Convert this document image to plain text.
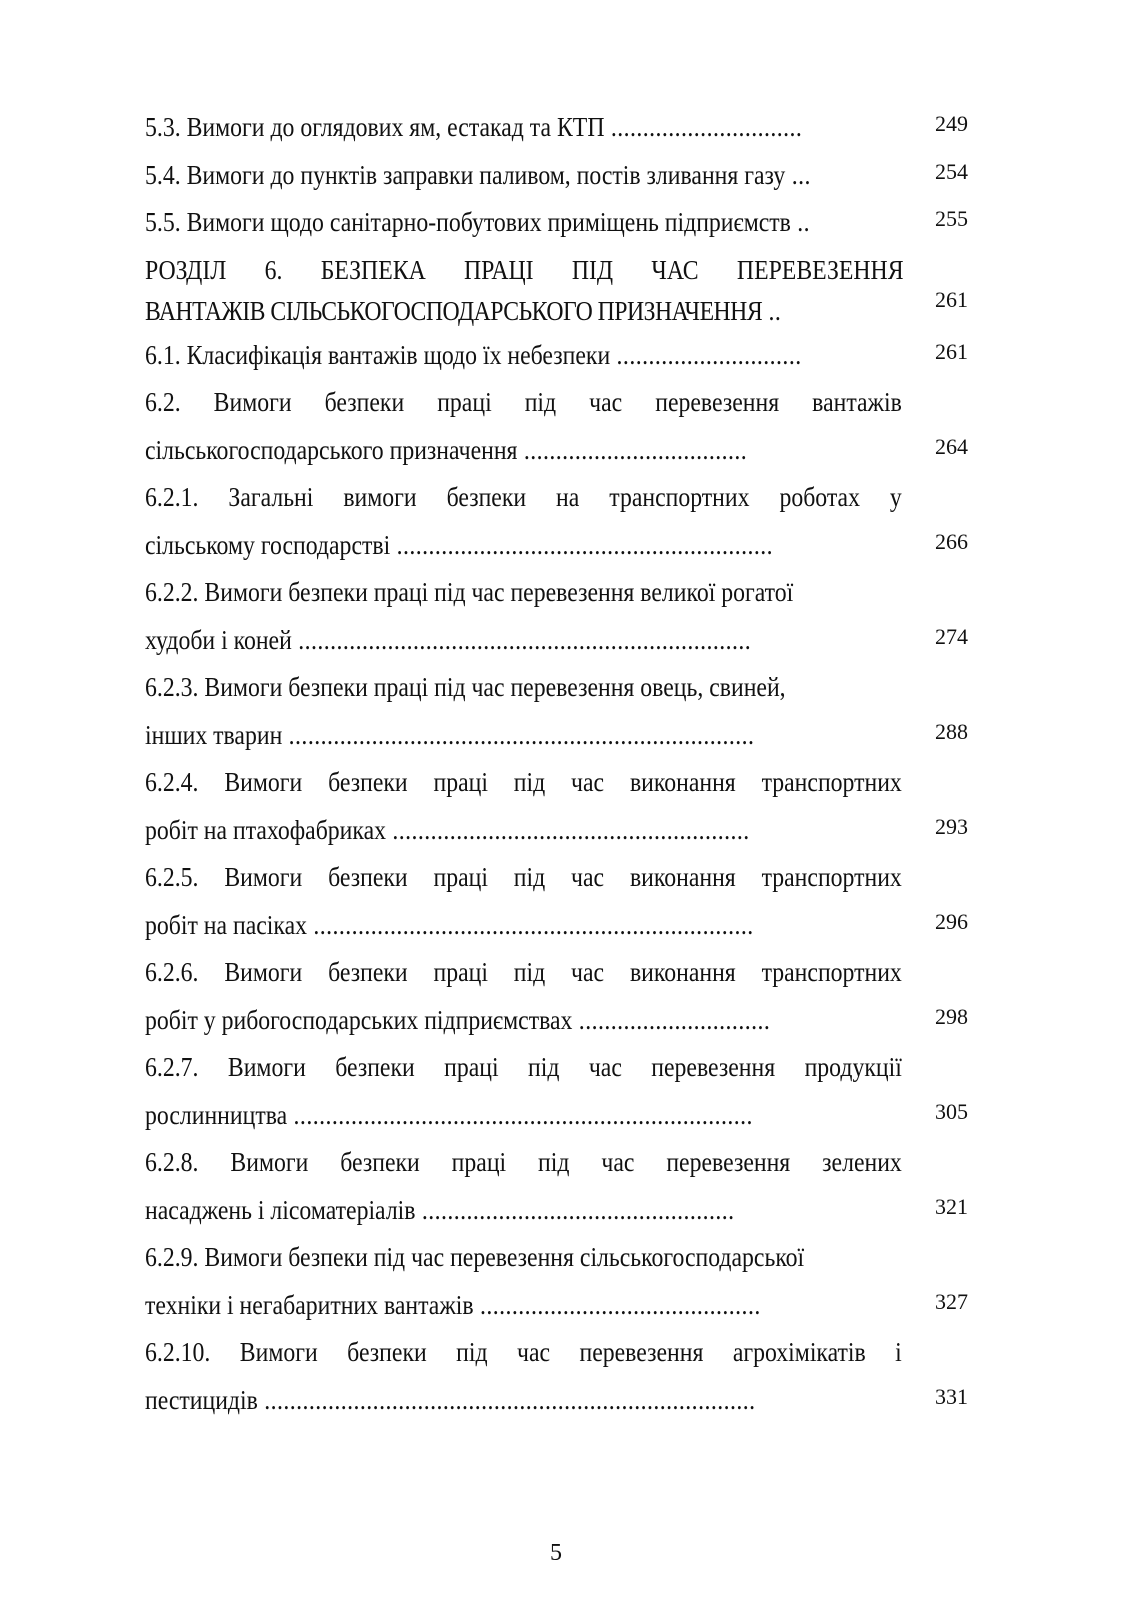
5.3. Вимоги до оглядових ям, естакад та КТП ..............................	249
5.4. Вимоги до пунктів заправки паливом, постів зливання газу ...	254
5.5. Вимоги щодо санітарно-побутових приміщень підприємств ..	255
РОЗДІЛ 6. БЕЗПЕКА ПРАЦІ ПІД ЧАС ПЕРЕВЕЗЕННЯ
ВАНТАЖІВ СІЛЬСЬКОГОСПОДАРСЬКОГО ПРИЗНАЧЕННЯ ..	261
6.1. Класифікація вантажів щодо їх небезпеки .............................	261
6.2. Вимоги безпеки праці під час перевезення вантажів
сільськогосподарського призначення ...................................	264
6.2.1. Загальні вимоги безпеки на транспортних роботах у
сільському господарстві ...........................................................	266
6.2.2. Вимоги безпеки праці під час перевезення великої рогатої
худоби і коней .......................................................................	274
6.2.3. Вимоги безпеки праці під час перевезення овець, свиней,
інших тварин .........................................................................	288
6.2.4. Вимоги безпеки праці під час виконання транспортних
робіт на птахофабриках ........................................................	293
6.2.5. Вимоги безпеки праці під час виконання транспортних
робіт на пасіках .....................................................................	296
6.2.6. Вимоги безпеки праці під час виконання транспортних
робіт у рибогосподарських підприємствах ..............................	298
6.2.7. Вимоги безпеки праці під час перевезення продукції
рослинництва ........................................................................	305
6.2.8. Вимоги безпеки праці під час перевезення зелених
насаджень і лісоматеріалів .................................................	321
6.2.9. Вимоги безпеки під час перевезення сільськогосподарської
техніки і негабаритних вантажів ............................................	327
6.2.10. Вимоги безпеки під час перевезення агрохімікатів і
пестицидів .............................................................................	331
5
